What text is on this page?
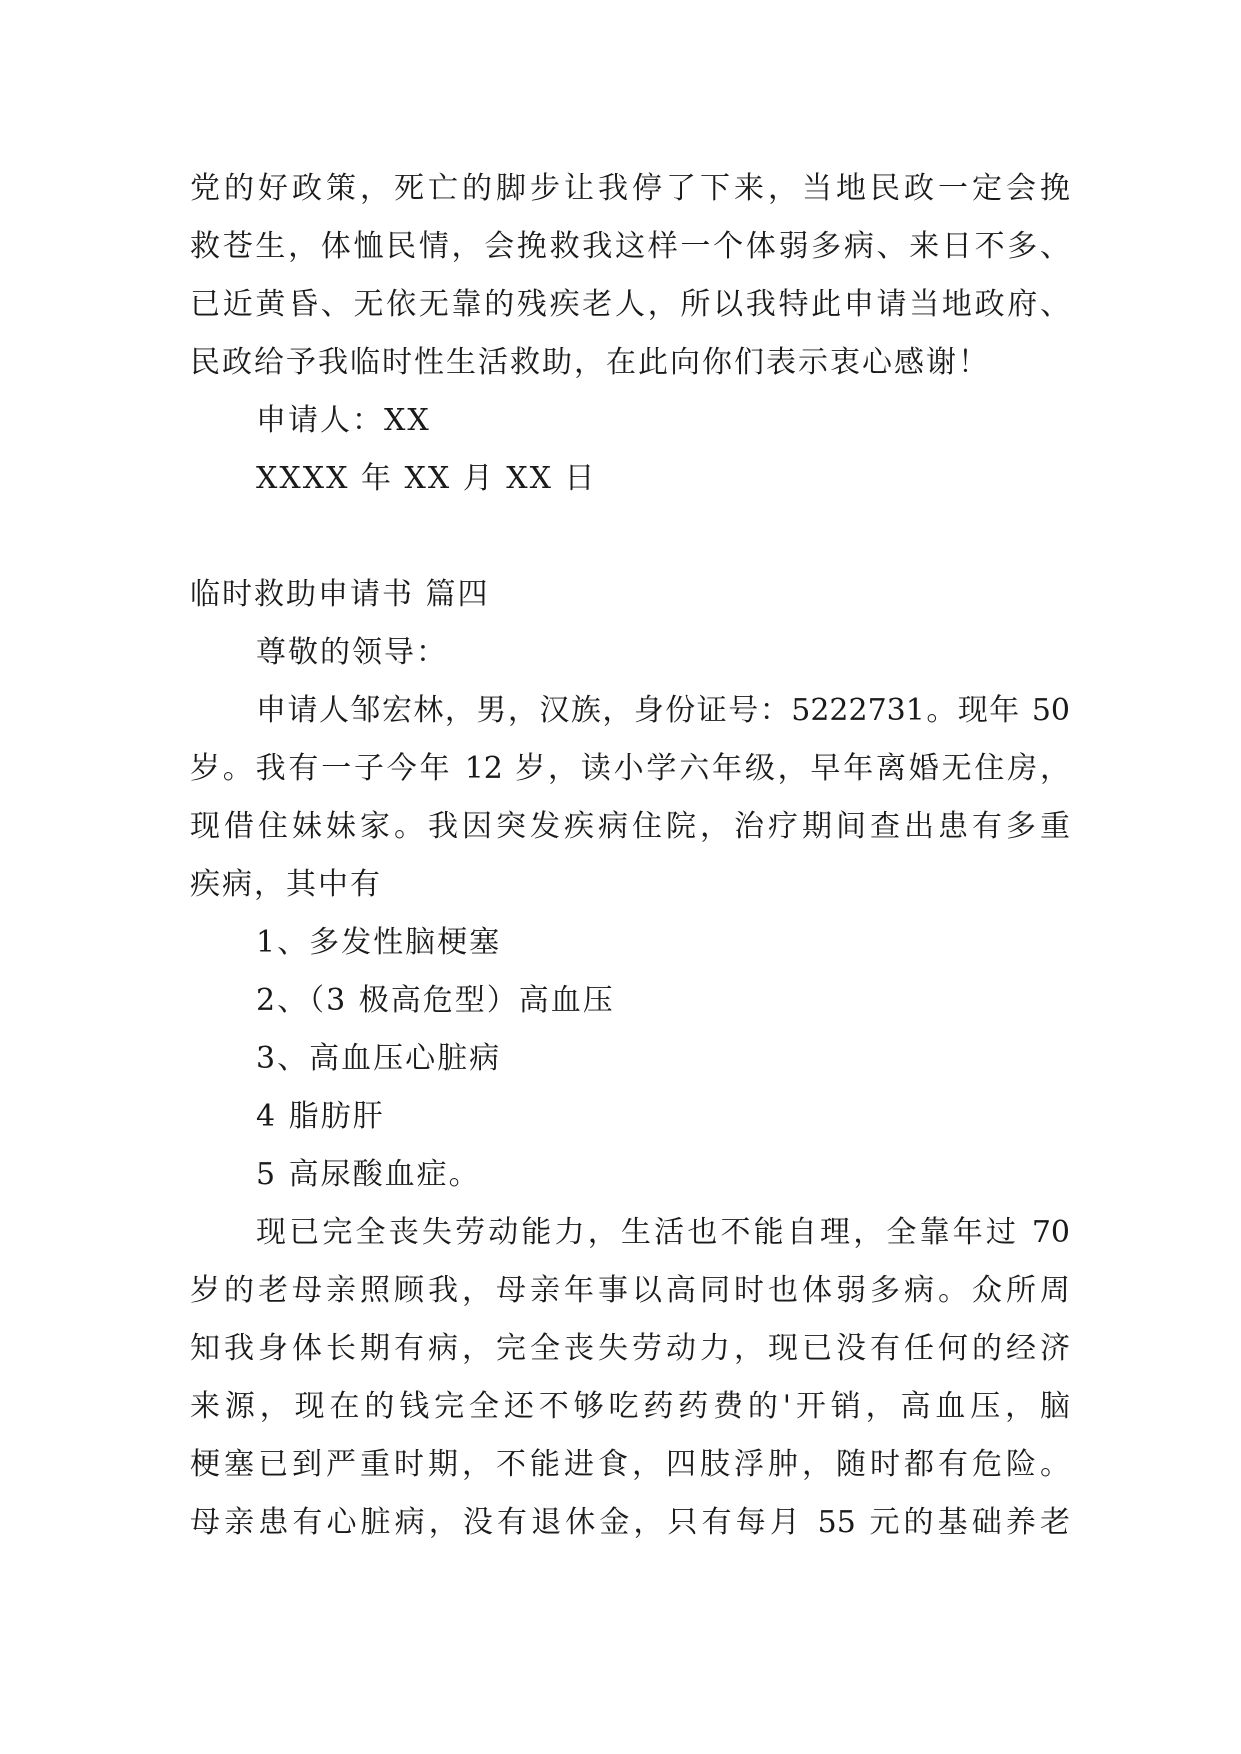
党的好政策，死亡的脚步让我停了下来，当地民政一定会挽
救苍生，体恤民情，会挽救我这样一个体弱多病、来日不多、
已近黄昏、无依无靠的残疾老人，所以我特此申请当地政府、
民政给予我临时性生活救助，在此向你们表示衷心感谢！
申请人：XX
XXXX 年 XX 月 XX 日
临时救助申请书 篇四
尊敬的领导：
申请人邹宏林，男，汉族，身份证号：5222731。现年 50
岁。我有一子今年 12 岁，读小学六年级，早年离婚无住房，
现借住妹妹家。我因突发疾病住院，治疗期间查出患有多重
疾病，其中有
1、多发性脑梗塞
2、（3 极高危型）高血压
3、高血压心脏病
4 脂肪肝
5 高尿酸血症。
现已完全丧失劳动能力，生活也不能自理，全靠年过 70
岁的老母亲照顾我，母亲年事以高同时也体弱多病。众所周
知我身体长期有病，完全丧失劳动力，现已没有任何的经济
来源，现在的钱完全还不够吃药药费的'开销，高血压，脑
梗塞已到严重时期，不能进食，四肢浮肿，随时都有危险。
母亲患有心脏病，没有退休金，只有每月 55 元的基础养老
